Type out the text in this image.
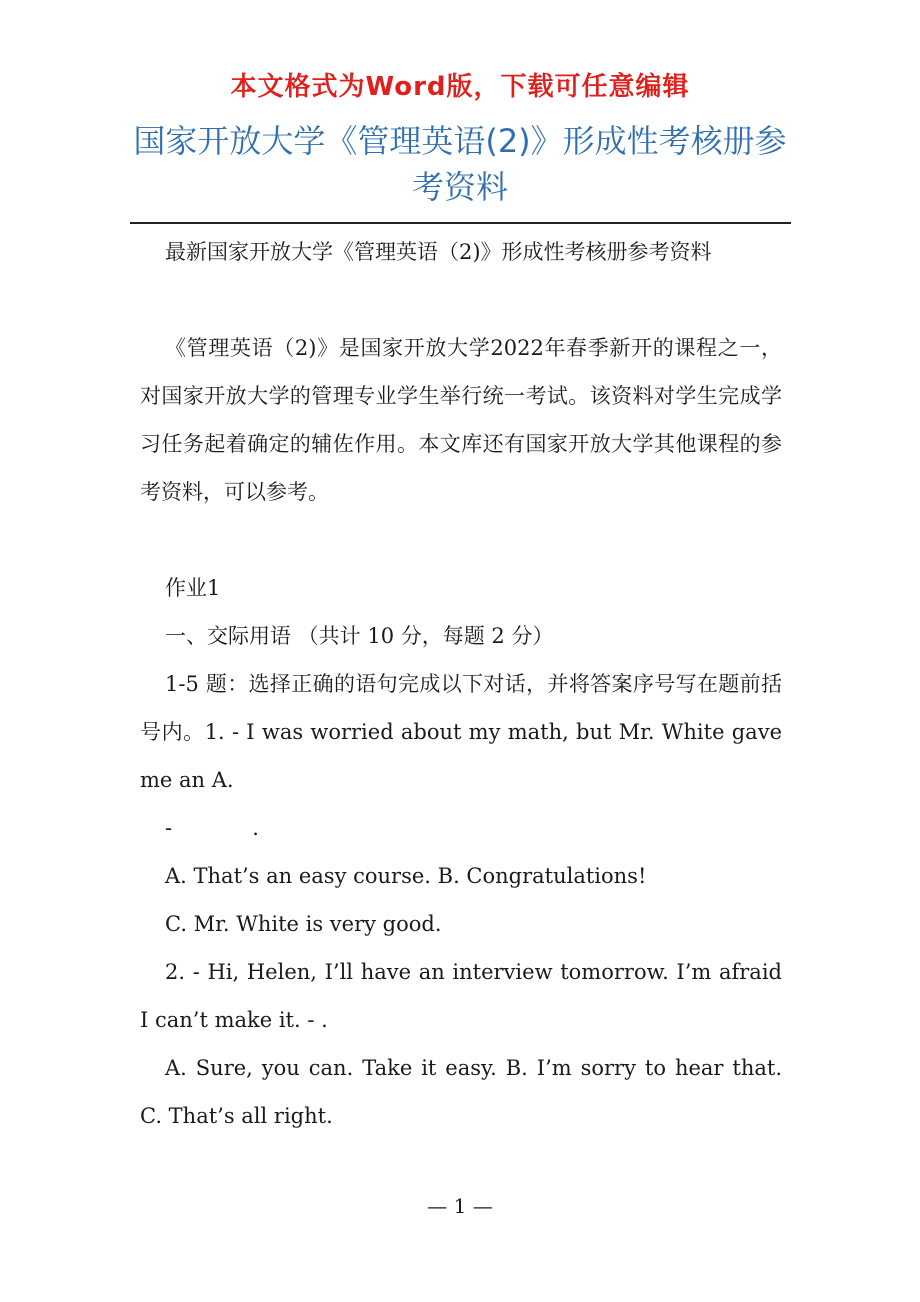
本文格式为Word版，下载可任意编辑
国家开放大学《管理英语(2)》形成性考核册参考资料

最新国家开放大学《管理英语（2)》形成性考核册参考资料

《管理英语（2)》是国家开放大学2022年春季新开的课程之一，对国家开放大学的管理专业学生举行统一考试。该资料对学生完成学习任务起着确定的辅佐作用。本文库还有国家开放大学其他课程的参考资料，可以参考。

作业1

一、交际用语 （共计 10 分，每题 2 分）

1-5 题：选择正确的语句完成以下对话，并将答案序号写在题前括号内。1. - I was worried about my math, but Mr. White gave me an A.

-            .

A. That’s an easy course. B. Congratulations!

C. Mr. White is very good.

2. - Hi, Helen, I’ll have an interview tomorrow. I’m afraid I can’t make it. - .

A. Sure, you can. Take it easy. B. I’m sorry to hear that. C. That’s all right.

— 1 —
